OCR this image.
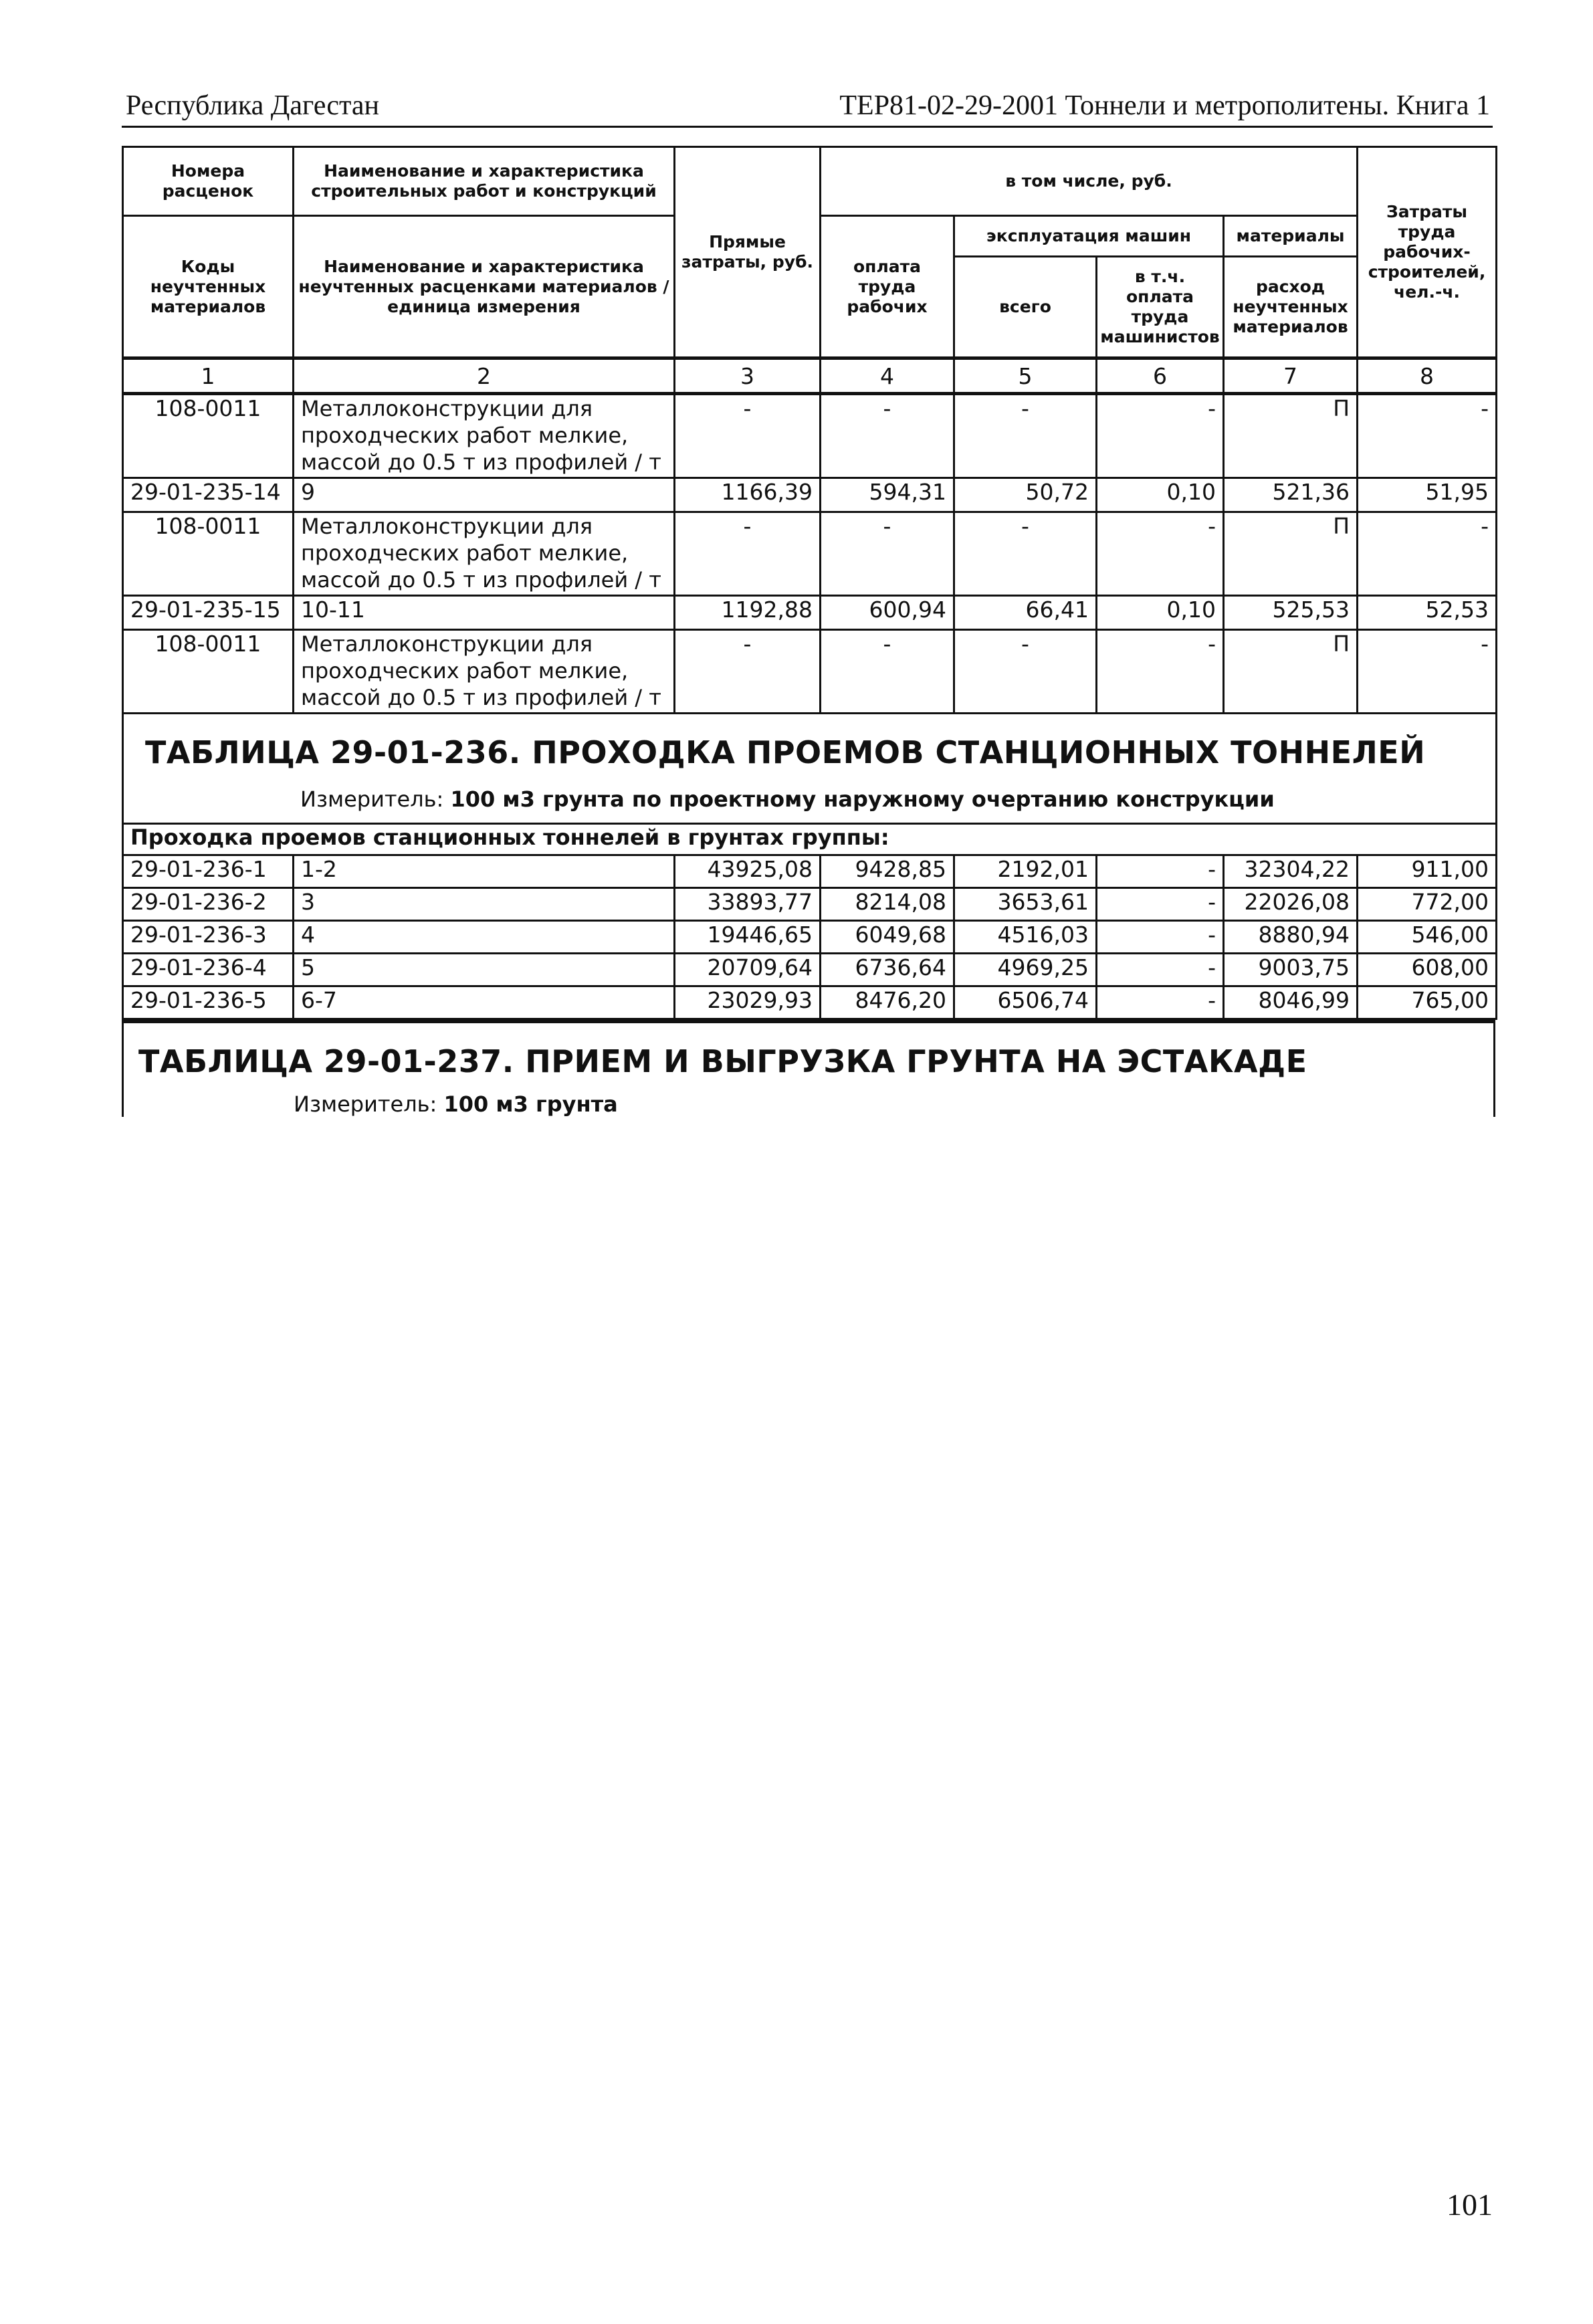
Республика Дагестан	ТЕР81-02-29-2001 Тоннели и метрополитены. Книга 1
Номера расценок	Наименование и характеристика строительных работ и конструкций	Прямые затраты, руб.	в том числе, руб.				Затраты труда рабочих-строителей, чел.-ч.
Коды неучтенных материалов	Наименование и характеристика неучтенных расценками материалов / единица измерения		оплата труда рабочих	эксплуатация машин		материалы	
				всего	в т.ч. оплата труда машинистов	расход неучтенных материалов	
1	2	3	4	5	6	7	8
108-0011	Металлоконструкции для проходческих работ мелкие, массой до 0.5 т из профилей / т	-	-	-	-	П	-
29-01-235-14	9	1166,39	594,31	50,72	0,10	521,36	51,95
108-0011	Металлоконструкции для проходческих работ мелкие, массой до 0.5 т из профилей / т	-	-	-	-	П	-
29-01-235-15	10-11	1192,88	600,94	66,41	0,10	525,53	52,53
108-0011	Металлоконструкции для проходческих работ мелкие, массой до 0.5 т из профилей / т	-	-	-	-	П	-

ТАБЛИЦА 29-01-236. ПРОХОДКА ПРОЕМОВ СТАНЦИОННЫХ ТОННЕЛЕЙ
Измеритель: 100 м3 грунта по проектному наружному очертанию конструкции							

Проходка проемов станционных тоннелей в грунтах группы:							
29-01-236-1	1-2	43925,08	9428,85	2192,01	-	32304,22	911,00
29-01-236-2	3	33893,77	8214,08	3653,61	-	22026,08	772,00
29-01-236-3	4	19446,65	6049,68	4516,03	-	8880,94	546,00
29-01-236-4	5	20709,64	6736,64	4969,25	-	9003,75	608,00
29-01-236-5	6-7	23029,93	8476,20	6506,74	-	8046,99	765,00
ТАБЛИЦА 29-01-237. ПРИЕМ И ВЫГРУЗКА ГРУНТА НА ЭСТАКАДЕ
Измеритель: 100 м3 грунта
101
